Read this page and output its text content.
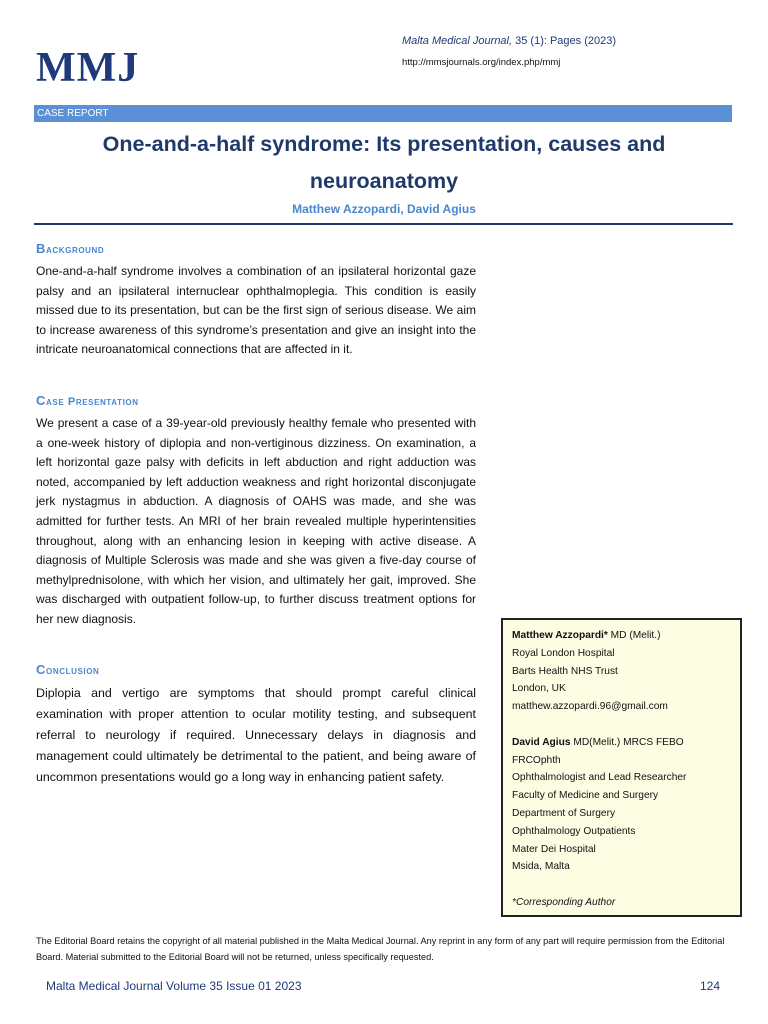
MMJ
Malta Medical Journal, 35 (1): Pages (2023)
http://mmsjournals.org/index.php/mmj
CASE REPORT
One-and-a-half syndrome: Its presentation, causes and neuroanatomy
Matthew Azzopardi, David Agius
Background

One-and-a-half syndrome involves a combination of an ipsilateral horizontal gaze palsy and an ipsilateral internuclear ophthalmoplegia. This condition is easily missed due to its presentation, but can be the first sign of serious disease. We aim to increase awareness of this syndrome’s presentation and give an insight into the intricate neuroanatomical connections that are affected in it.

Case Presentation

We present a case of a 39-year-old previously healthy female who presented with a one-week history of diplopia and non-vertiginous dizziness. On examination, a left horizontal gaze palsy with deficits in left abduction and right adduction was noted, accompanied by left adduction weakness and right horizontal disconjugate jerk nystagmus in abduction. A diagnosis of OAHS was made, and she was admitted for further tests. An MRI of her brain revealed multiple hyperintensities throughout, along with an enhancing lesion in keeping with active disease. A diagnosis of Multiple Sclerosis was made and she was given a five-day course of methylprednisolone, with which her vision, and ultimately her gait, improved. She was discharged with outpatient follow-up, to further discuss treatment options for her new diagnosis.

Conclusion

Diplopia and vertigo are symptoms that should prompt careful clinical examination with proper attention to ocular motility testing, and subsequent referral to neurology if required. Unnecessary delays in diagnosis and management could ultimately be detrimental to the patient, and being aware of uncommon presentations would go a long way in enhancing patient safety.

Matthew Azzopardi* MD (Melit.)
Royal London Hospital
Barts Health NHS Trust
London, UK
matthew.azzopardi.96@gmail.com
David Agius MD(Melit.) MRCS FEBO
FRCOphth
Ophthalmologist and Lead Researcher
Faculty of Medicine and Surgery
Department of Surgery
Ophthalmology Outpatients
Mater Dei Hospital
Msida, Malta
*Corresponding Author
The Editorial Board retains the copyright of all material published in the Malta Medical Journal. Any reprint in any form of any part will require permission from the Editorial Board. Material submitted to the Editorial Board will not be returned, unless specifically requested.
Malta Medical Journal Volume 35 Issue 01 2023	124
